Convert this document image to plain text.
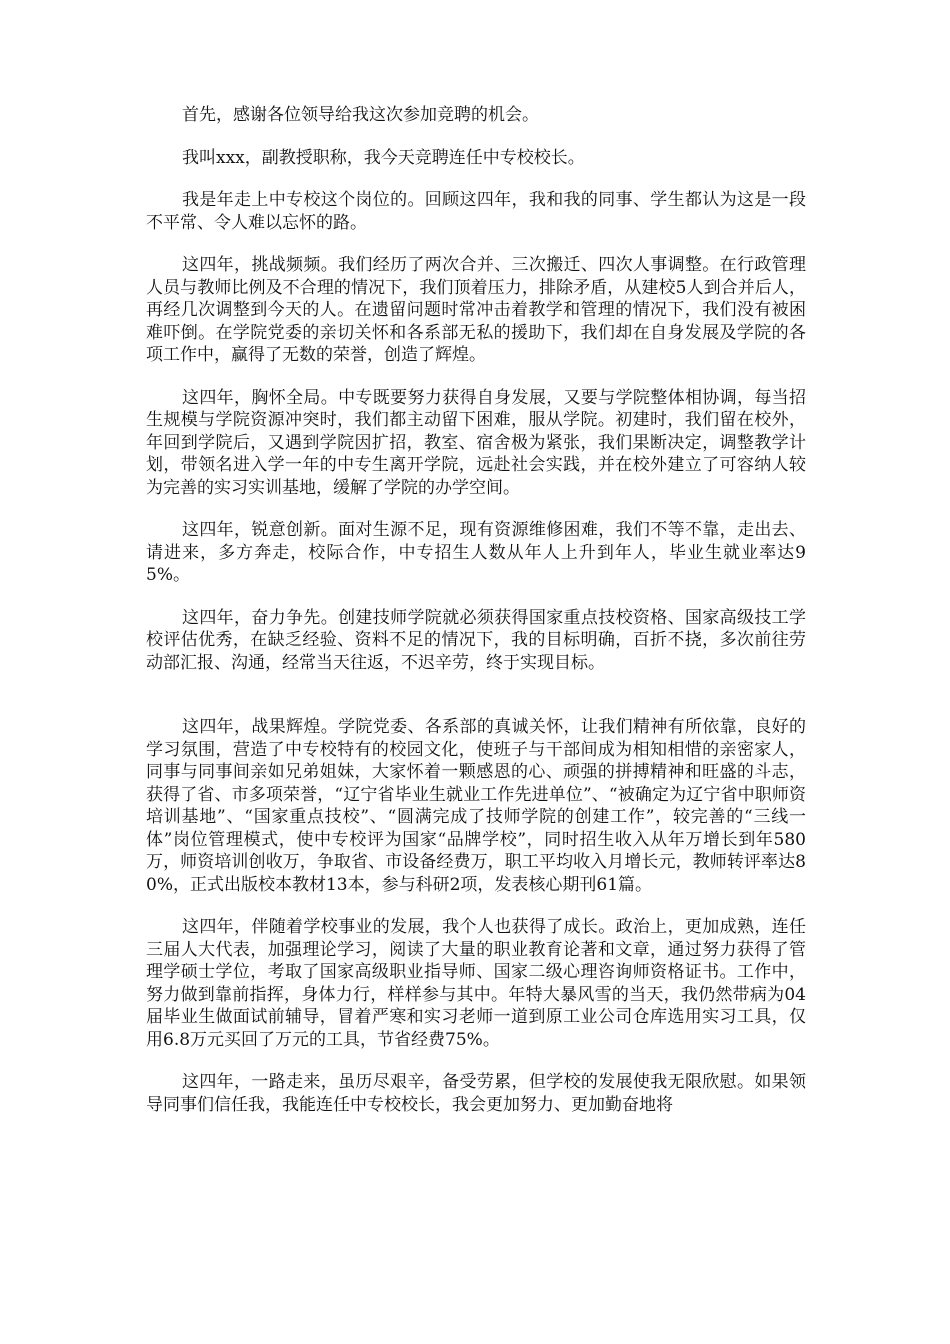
首先，感谢各位领导给我这次参加竞聘的机会。

我叫xxx，副教授职称，我今天竞聘连任中专校校长。

我是年走上中专校这个岗位的。回顾这四年，我和我的同事、学生都认为这是一段不平常、令人难以忘怀的路。

这四年，挑战频频。我们经历了两次合并、三次搬迁、四次人事调整。在行政管理人员与教师比例及不合理的情况下，我们顶着压力，排除矛盾，从建校5人到合并后人，再经几次调整到今天的人。在遗留问题时常冲击着教学和管理的情况下，我们没有被困难吓倒。在学院党委的亲切关怀和各系部无私的援助下，我们却在自身发展及学院的各项工作中，赢得了无数的荣誉，创造了辉煌。

这四年，胸怀全局。中专既要努力获得自身发展，又要与学院整体相协调，每当招生规模与学院资源冲突时，我们都主动留下困难，服从学院。初建时，我们留在校外，年回到学院后，又遇到学院因扩招，教室、宿舍极为紧张，我们果断决定，调整教学计划，带领名进入学一年的中专生离开学院，远赴社会实践，并在校外建立了可容纳人较为完善的实习实训基地，缓解了学院的办学空间。

这四年，锐意创新。面对生源不足，现有资源维修困难，我们不等不靠，走出去、请进来，多方奔走，校际合作，中专招生人数从年人上升到年人，毕业生就业率达95%。

这四年，奋力争先。创建技师学院就必须获得国家重点技校资格、国家高级技工学校评估优秀，在缺乏经验、资料不足的情况下，我的目标明确，百折不挠，多次前往劳动部汇报、沟通，经常当天往返，不迟辛劳，终于实现目标。

这四年，战果辉煌。学院党委、各系部的真诚关怀，让我们精神有所依靠，良好的学习氛围，营造了中专校特有的校园文化，使班子与干部间成为相知相惜的亲密家人，同事与同事间亲如兄弟姐妹，大家怀着一颗感恩的心、顽强的拼搏精神和旺盛的斗志，获得了省、市多项荣誉，“辽宁省毕业生就业工作先进单位”、“被确定为辽宁省中职师资培训基地”、“国家重点技校”、“圆满完成了技师学院的创建工作”，较完善的“三线一体”岗位管理模式，使中专校评为国家“品牌学校”，同时招生收入从年万增长到年580万，师资培训创收万，争取省、市设备经费万，职工平均收入月增长元，教师转评率达80%，正式出版校本教材13本，参与科研2项，发表核心期刊61篇。

这四年，伴随着学校事业的发展，我个人也获得了成长。政治上，更加成熟，连任三届人大代表，加强理论学习，阅读了大量的职业教育论著和文章，通过努力获得了管理学硕士学位，考取了国家高级职业指导师、国家二级心理咨询师资格证书。工作中，努力做到靠前指挥，身体力行，样样参与其中。年特大暴风雪的当天，我仍然带病为04届毕业生做面试前辅导，冒着严寒和实习老师一道到原工业公司仓库选用实习工具，仅用6.8万元买回了万元的工具，节省经费75%。

这四年，一路走来，虽历尽艰辛，备受劳累，但学校的发展使我无限欣慰。如果领导同事们信任我，我能连任中专校校长，我会更加努力、更加勤奋地将
